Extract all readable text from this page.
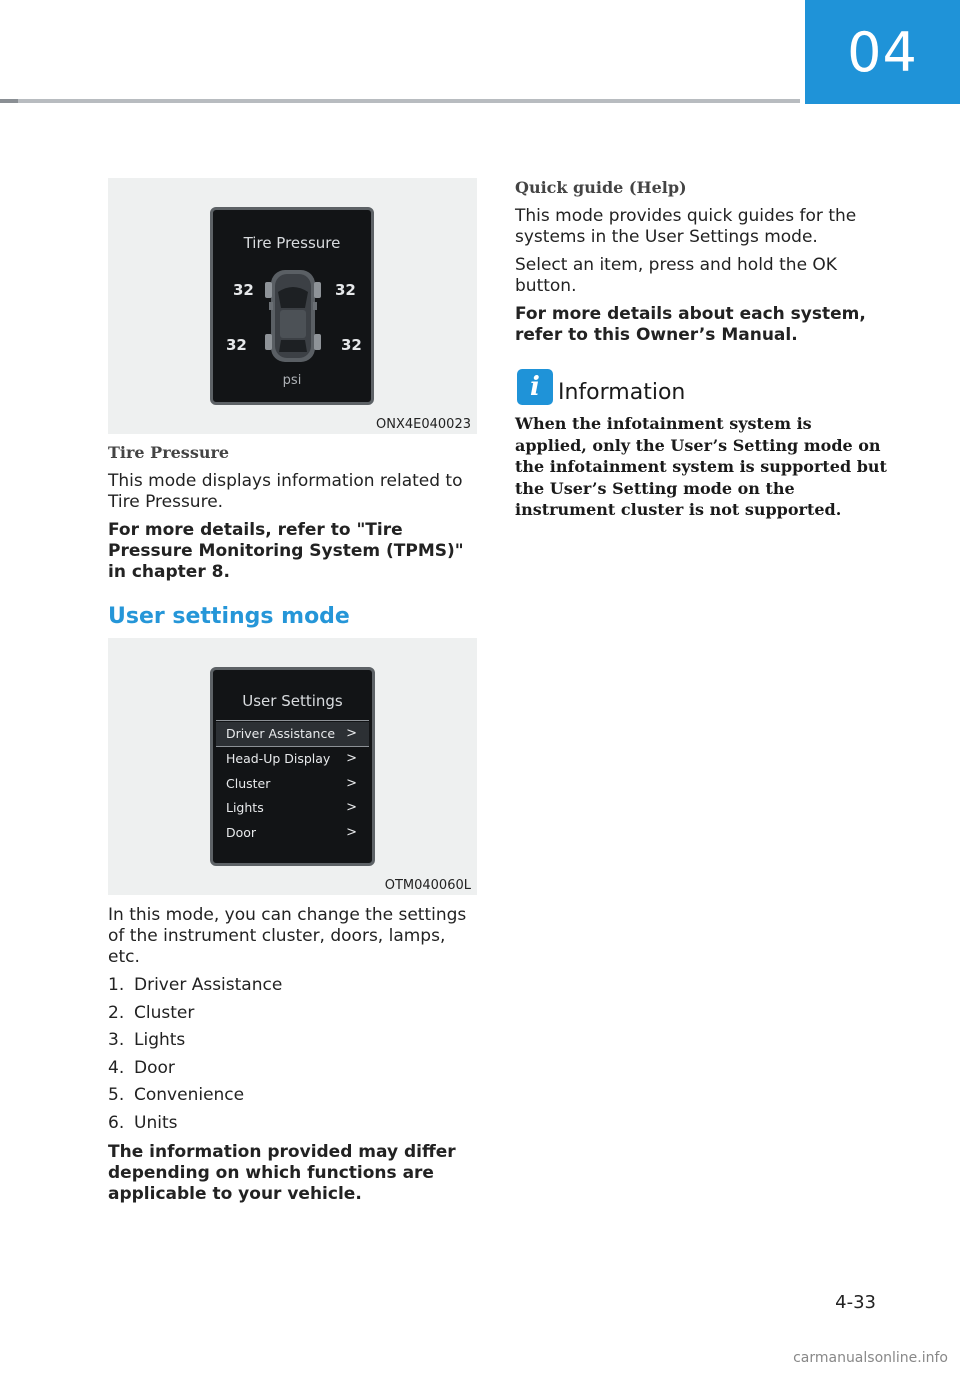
04
Tire Pressure
32	32
32	32
psi
ONX4E040023
Tire Pressure

This mode displays information related to Tire Pressure.

For more details, refer to "Tire Pressure Monitoring System (TPMS)" in chapter 8.

User settings mode
User Settings
Driver Assistance >
Head-Up Display >
Cluster	>
Lights	>
Door	>
OTM040060L

In this mode, you can change the settings of the instrument cluster, doors, lamps, etc.

1. Driver Assistance
2. Cluster
3. Lights
4. Door
5. Convenience
6. Units

The information provided may differ depending on which functions are applicable to your vehicle.

Quick guide (Help)

This mode provides quick guides for the systems in the User Settings mode.

Select an item, press and hold the OK button.

For more details about each system, refer to this Owner’s Manual.

i Information

When the infotainment system is applied, only the User’s Setting mode on the infotainment system is supported but the User’s Setting mode on the instrument cluster is not supported.

4-33
carmanualsonline.info
